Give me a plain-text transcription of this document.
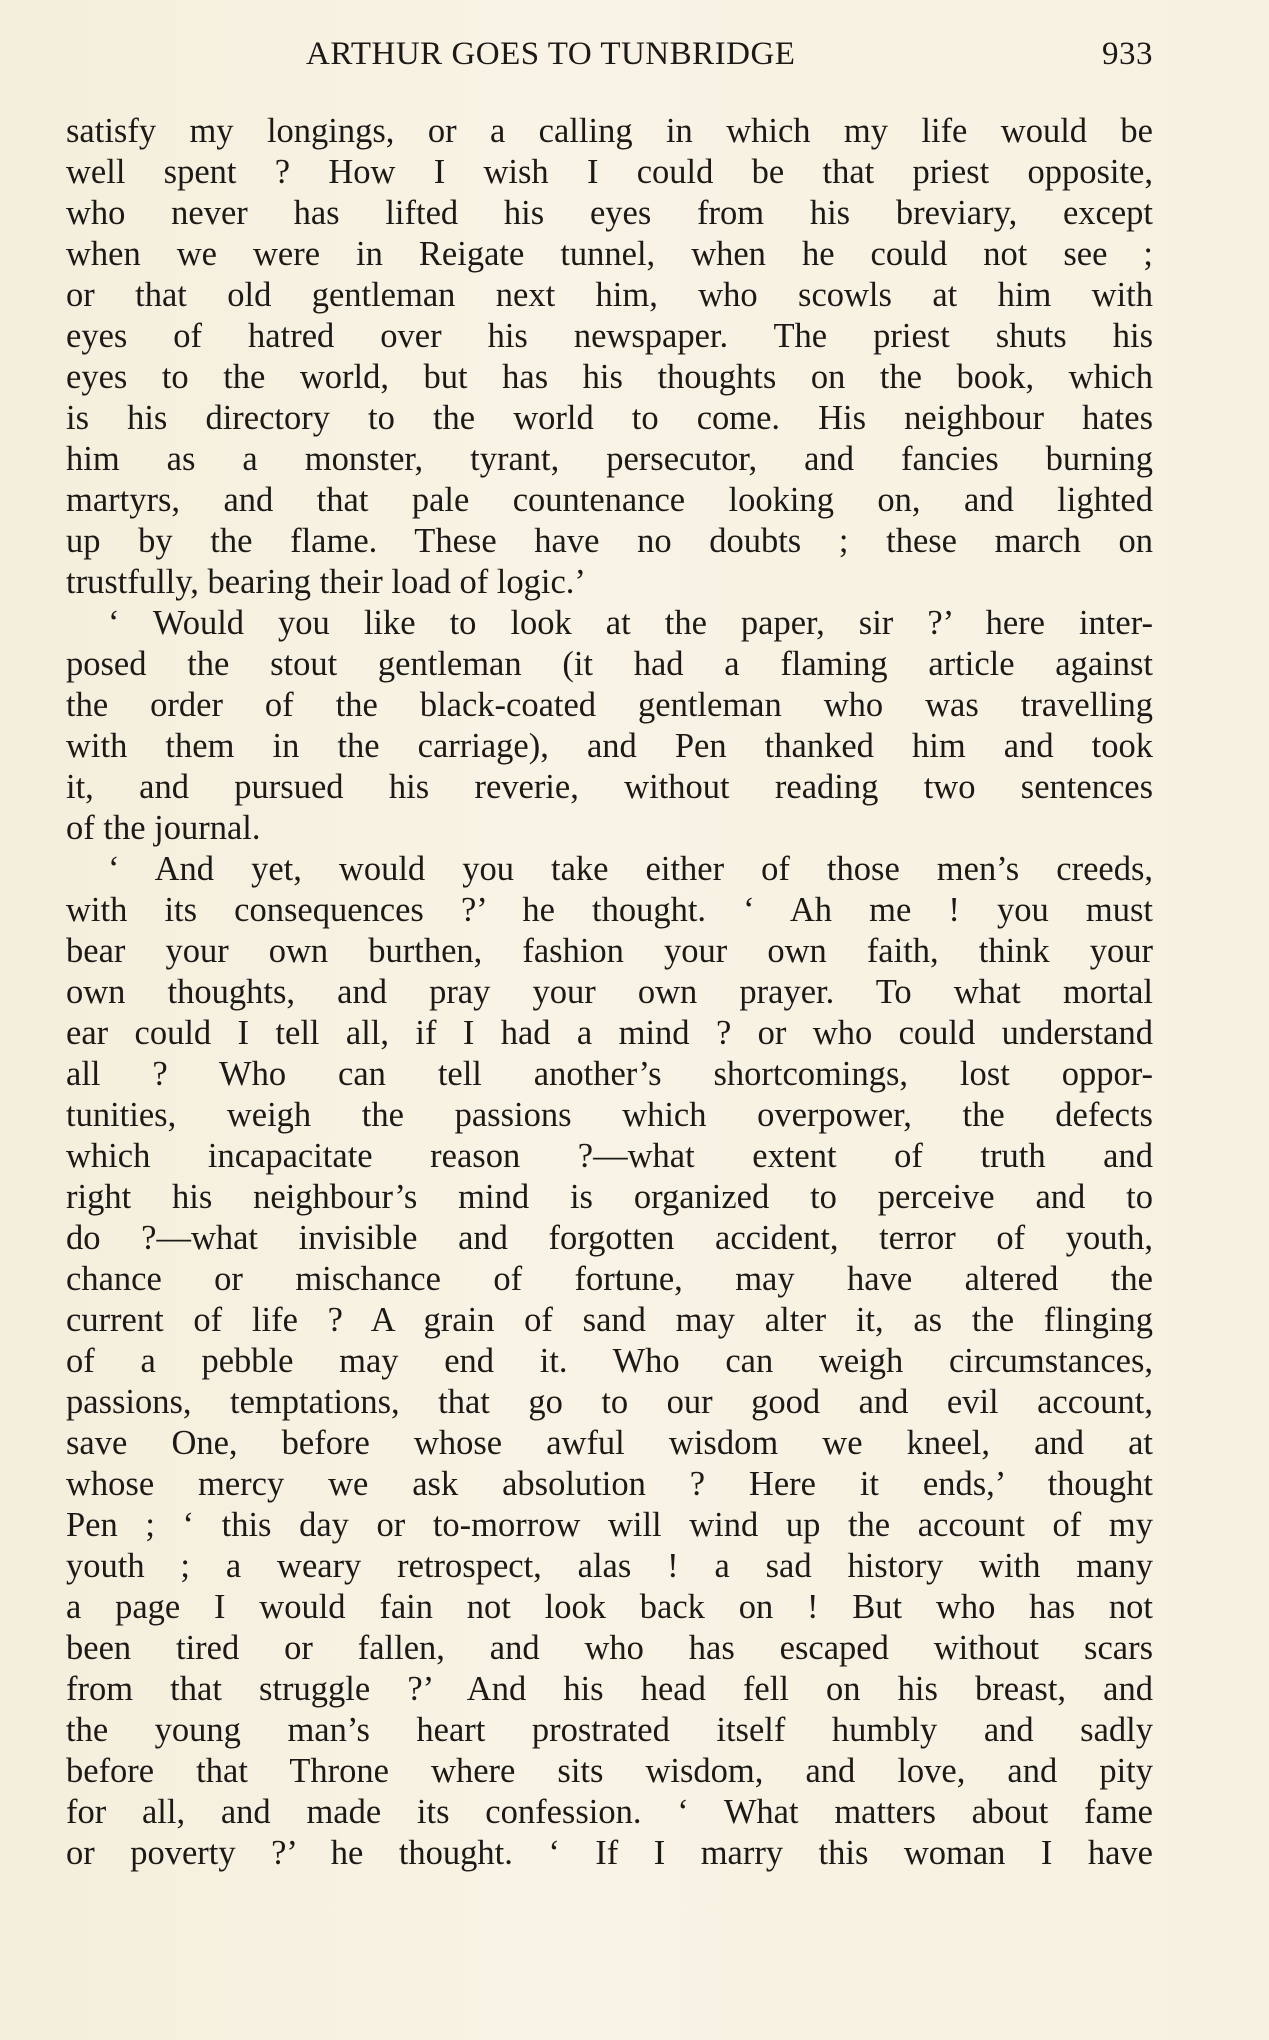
ARTHUR GOES TO TUNBRIDGE	933
satisfy my longings, or a calling in which my life would be
well spent ? How I wish I could be that priest opposite,
who never has lifted his eyes from his breviary, except
when we were in Reigate tunnel, when he could not see ;
or that old gentleman next him, who scowls at him with
eyes of hatred over his newspaper. The priest shuts his
eyes to the world, but has his thoughts on the book, which
is his directory to the world to come. His neighbour hates
him as a monster, tyrant, persecutor, and fancies burning
martyrs, and that pale countenance looking on, and lighted
up by the flame. These have no doubts ; these march on
trustfully, bearing their load of logic.’
‘ Would you like to look at the paper, sir ?’ here inter-
posed the stout gentleman (it had a flaming article against
the order of the black-coated gentleman who was travelling
with them in the carriage), and Pen thanked him and took
it, and pursued his reverie, without reading two sentences
of the journal.
‘ And yet, would you take either of those men’s creeds,
with its consequences ?’ he thought. ‘ Ah me ! you must
bear your own burthen, fashion your own faith, think your
own thoughts, and pray your own prayer. To what mortal
ear could I tell all, if I had a mind ? or who could understand
all ? Who can tell another’s shortcomings, lost oppor-
tunities, weigh the passions which overpower, the defects
which incapacitate reason ?—what extent of truth and
right his neighbour’s mind is organized to perceive and to
do ?—what invisible and forgotten accident, terror of youth,
chance or mischance of fortune, may have altered the
current of life ? A grain of sand may alter it, as the flinging
of a pebble may end it. Who can weigh circumstances,
passions, temptations, that go to our good and evil account,
save One, before whose awful wisdom we kneel, and at
whose mercy we ask absolution ? Here it ends,’ thought
Pen ; ‘ this day or to-morrow will wind up the account of my
youth ; a weary retrospect, alas ! a sad history with many
a page I would fain not look back on ! But who has not
been tired or fallen, and who has escaped without scars
from that struggle ?’ And his head fell on his breast, and
the young man’s heart prostrated itself humbly and sadly
before that Throne where sits wisdom, and love, and pity
for all, and made its confession. ‘ What matters about fame
or poverty ?’ he thought. ‘ If I marry this woman I have
